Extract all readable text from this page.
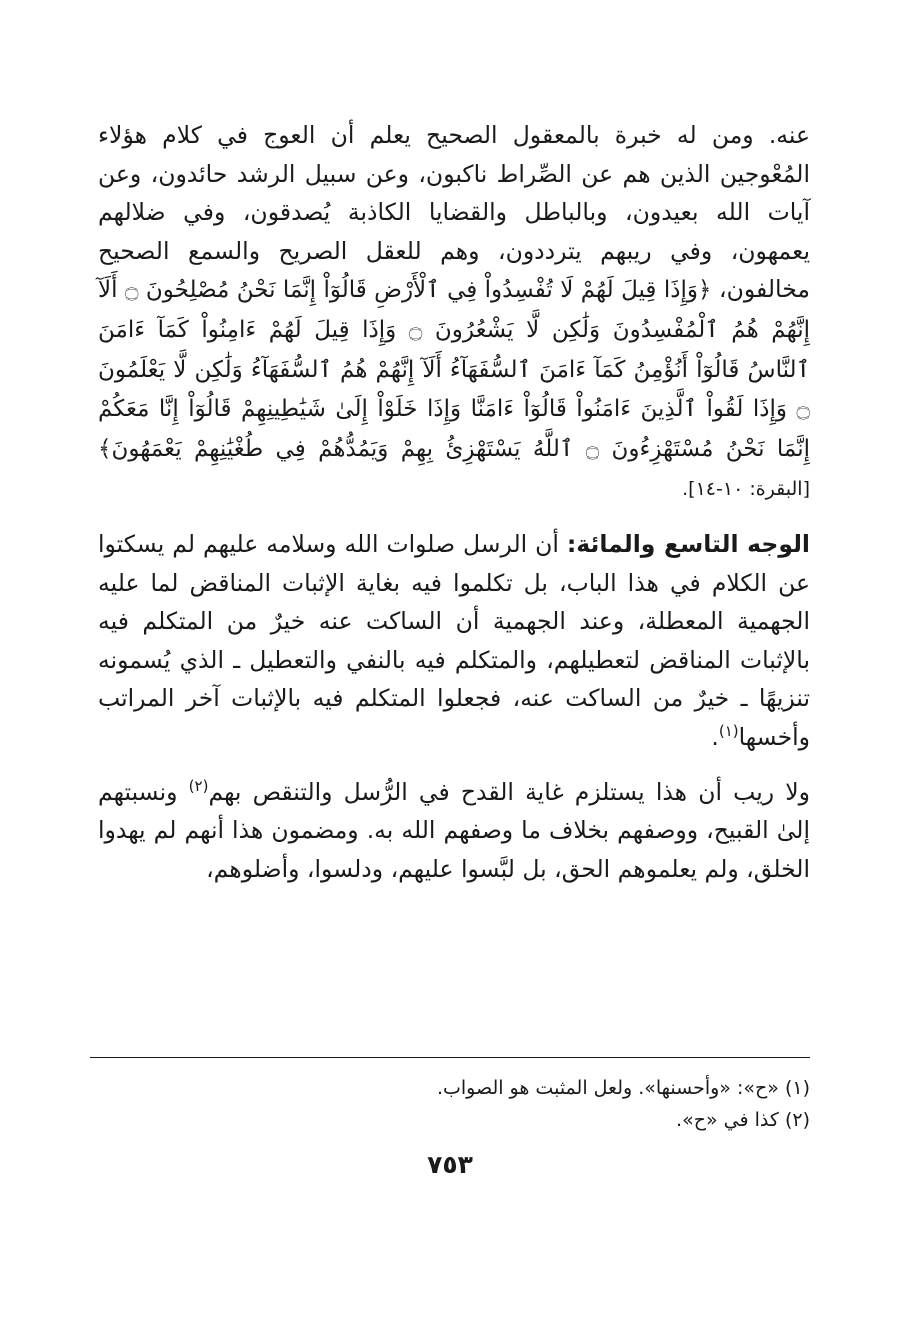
عنه. ومن له خبرة بالمعقول الصحيح يعلم أن العوج في كلام هؤلاء المُعْوجين الذين هم عن الصِّراط ناكبون، وعن سبيل الرشد حائدون، وعن آيات الله بعيدون، وبالباطل والقضايا الكاذبة يُصدقون، وفي ضلالهم يعمهون، وفي ريبهم يترددون، وهم للعقل الصريح والسمع الصحيح مخالفون، ﴿وَإِذَا قِيلَ لَهُمْ لَا تُفْسِدُواْ فِي ٱلْأَرْضِ قَالُوٓاْ إِنَّمَا نَحْنُ مُصْلِحُونَ ۝ أَلَآ إِنَّهُمْ هُمُ ٱلْمُفْسِدُونَ وَلَٰكِن لَّا يَشْعُرُونَ ۝ وَإِذَا قِيلَ لَهُمْ ءَامِنُواْ كَمَآ ءَامَنَ ٱلنَّاسُ قَالُوٓاْ أَنُؤْمِنُ كَمَآ ءَامَنَ ٱلسُّفَهَآءُ أَلَآ إِنَّهُمْ هُمُ ٱلسُّفَهَآءُ وَلَٰكِن لَّا يَعْلَمُونَ ۝ وَإِذَا لَقُواْ ٱلَّذِينَ ءَامَنُواْ قَالُوٓاْ ءَامَنَّا وَإِذَا خَلَوْاْ إِلَىٰ شَيَٰطِينِهِمْ قَالُوٓاْ إِنَّا مَعَكُمْ إِنَّمَا نَحْنُ مُسْتَهْزِءُونَ ۝ ٱللَّهُ يَسْتَهْزِئُ بِهِمْ وَيَمُدُّهُمْ فِي طُغْيَٰنِهِمْ يَعْمَهُونَ﴾ [البقرة: ١٠-١٤].

الوجه التاسع والمائة: أن الرسل صلوات الله وسلامه عليهم لم يسكتوا عن الكلام في هذا الباب، بل تكلموا فيه بغاية الإثبات المناقض لما عليه الجهمية المعطلة، وعند الجهمية أن الساكت عنه خيرٌ من المتكلم فيه بالإثبات المناقض لتعطيلهم، والمتكلم فيه بالنفي والتعطيل ـ الذي يُسمونه تنزيهًا ـ خيرٌ من الساكت عنه، فجعلوا المتكلم فيه بالإثبات آخر المراتب وأخسها$^{(١)}$.

ولا ريب أن هذا يستلزم غاية القدح في الرُّسل والتنقص بهم$^{(٢)}$ ونسبتهم إلىٰ القبيح، ووصفهم بخلاف ما وصفهم الله به. ومضمون هذا أنهم لم يهدوا الخلق، ولم يعلموهم الحق، بل لبَّسوا عليهم، ودلسوا، وأضلوهم،

(١) «ح»: «وأحسنها». ولعل المثبت هو الصواب.

(٢) كذا في «ح».

٧٥٣
